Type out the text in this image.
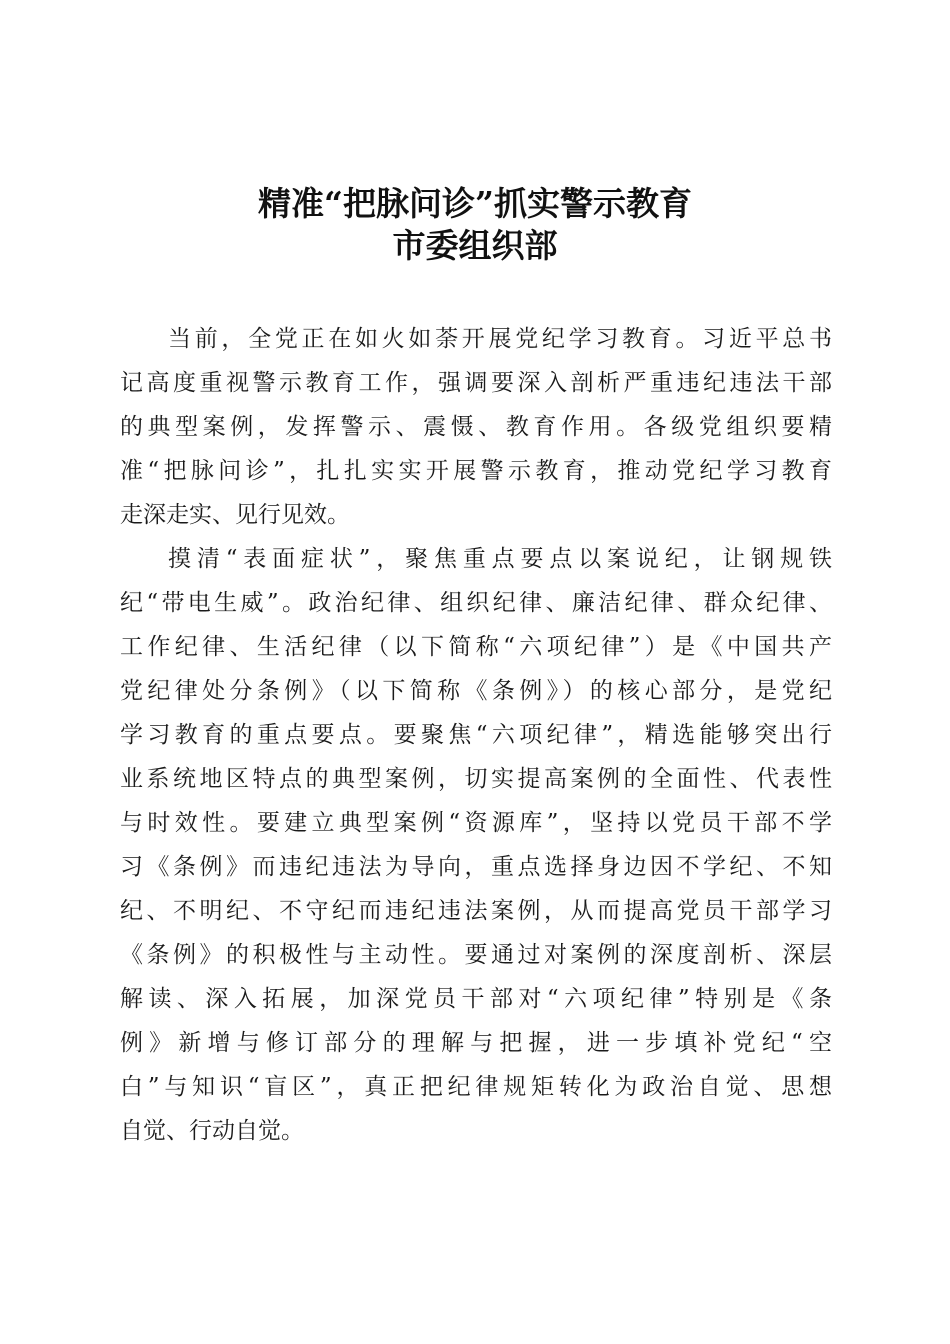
精准“把脉问诊”抓实警示教育
市委组织部
当前，全党正在如火如荼开展党纪学习教育。习近平总书
记高度重视警示教育工作，强调要深入剖析严重违纪违法干部
的典型案例，发挥警示、震慑、教育作用。各级党组织要精
准“把脉问诊”，扎扎实实开展警示教育，推动党纪学习教育
走深走实、见行见效。
摸清“表面症状”，聚焦重点要点以案说纪，让钢规铁
纪“带电生威”。政治纪律、组织纪律、廉洁纪律、群众纪律、
工作纪律、生活纪律（以下简称“六项纪律”）是《中国共产
党纪律处分条例》（以下简称《条例》）的核心部分，是党纪
学习教育的重点要点。要聚焦“六项纪律”，精选能够突出行
业系统地区特点的典型案例，切实提高案例的全面性、代表性
与时效性。要建立典型案例“资源库”，坚持以党员干部不学
习《条例》而违纪违法为导向，重点选择身边因不学纪、不知
纪、不明纪、不守纪而违纪违法案例，从而提高党员干部学习
《条例》的积极性与主动性。要通过对案例的深度剖析、深层
解读、深入拓展，加深党员干部对“六项纪律”特别是《条
例》新增与修订部分的理解与把握，进一步填补党纪“空
白”与知识“盲区”，真正把纪律规矩转化为政治自觉、思想
自觉、行动自觉。
